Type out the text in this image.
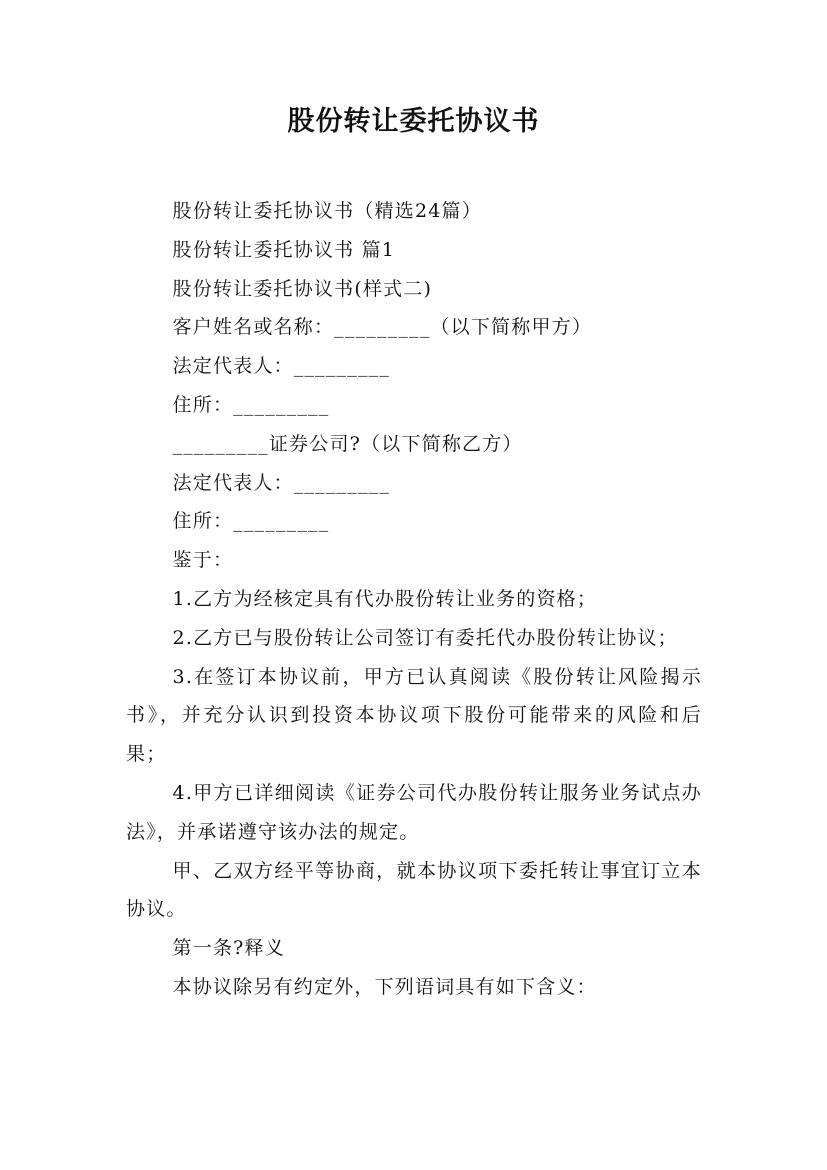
股份转让委托协议书

股份转让委托协议书（精选24篇）

股份转让委托协议书 篇1

股份转让委托协议书(样式二)

客户姓名或名称：_________（以下简称甲方）

法定代表人：_________

住所：_________

_________证券公司?（以下简称乙方）

法定代表人：_________

住所：_________

鉴于：

1.乙方为经核定具有代办股份转让业务的资格；

2.乙方已与股份转让公司签订有委托代办股份转让协议；

3.在签订本协议前，甲方已认真阅读《股份转让风险揭示书》，并充分认识到投资本协议项下股份可能带来的风险和后果；

4.甲方已详细阅读《证券公司代办股份转让服务业务试点办法》，并承诺遵守该办法的规定。

甲、乙双方经平等协商，就本协议项下委托转让事宜订立本协议。

第一条?释义

本协议除另有约定外，下列语词具有如下含义：
